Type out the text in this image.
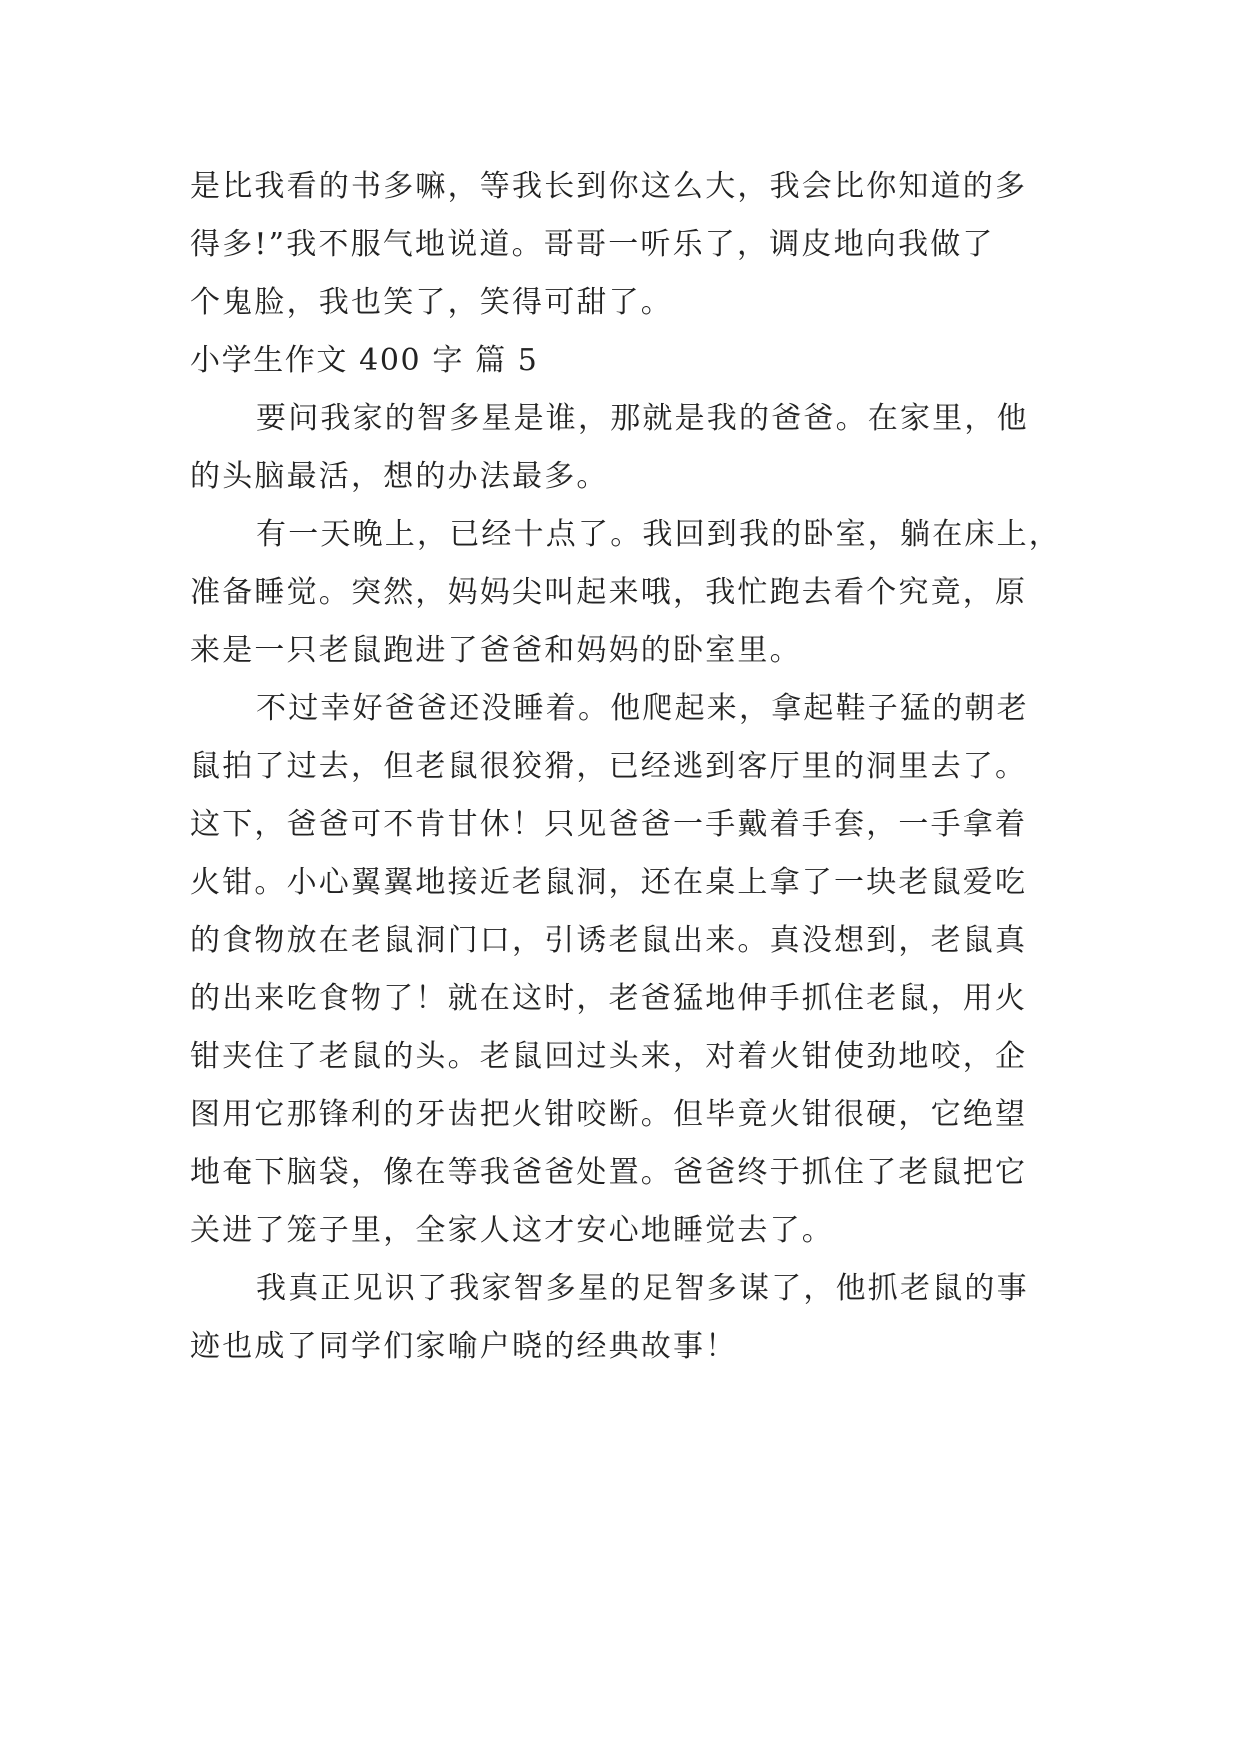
是比我看的书多嘛，等我长到你这么大，我会比你知道的多
得多!”我不服气地说道。哥哥一听乐了，调皮地向我做了
个鬼脸，我也笑了，笑得可甜了。
小学生作文 400 字 篇 5
要问我家的智多星是谁，那就是我的爸爸。在家里，他
的头脑最活，想的办法最多。
有一天晚上，已经十点了。我回到我的卧室，躺在床上，
准备睡觉。突然，妈妈尖叫起来哦，我忙跑去看个究竟，原
来是一只老鼠跑进了爸爸和妈妈的卧室里。
不过幸好爸爸还没睡着。他爬起来，拿起鞋子猛的朝老
鼠拍了过去，但老鼠很狡猾，已经逃到客厅里的洞里去了。
这下，爸爸可不肯甘休！只见爸爸一手戴着手套，一手拿着
火钳。小心翼翼地接近老鼠洞，还在桌上拿了一块老鼠爱吃
的食物放在老鼠洞门口，引诱老鼠出来。真没想到，老鼠真
的出来吃食物了！就在这时，老爸猛地伸手抓住老鼠，用火
钳夹住了老鼠的头。老鼠回过头来，对着火钳使劲地咬，企
图用它那锋利的牙齿把火钳咬断。但毕竟火钳很硬，它绝望
地奄下脑袋，像在等我爸爸处置。爸爸终于抓住了老鼠把它
关进了笼子里，全家人这才安心地睡觉去了。
我真正见识了我家智多星的足智多谋了，他抓老鼠的事
迹也成了同学们家喻户晓的经典故事！
